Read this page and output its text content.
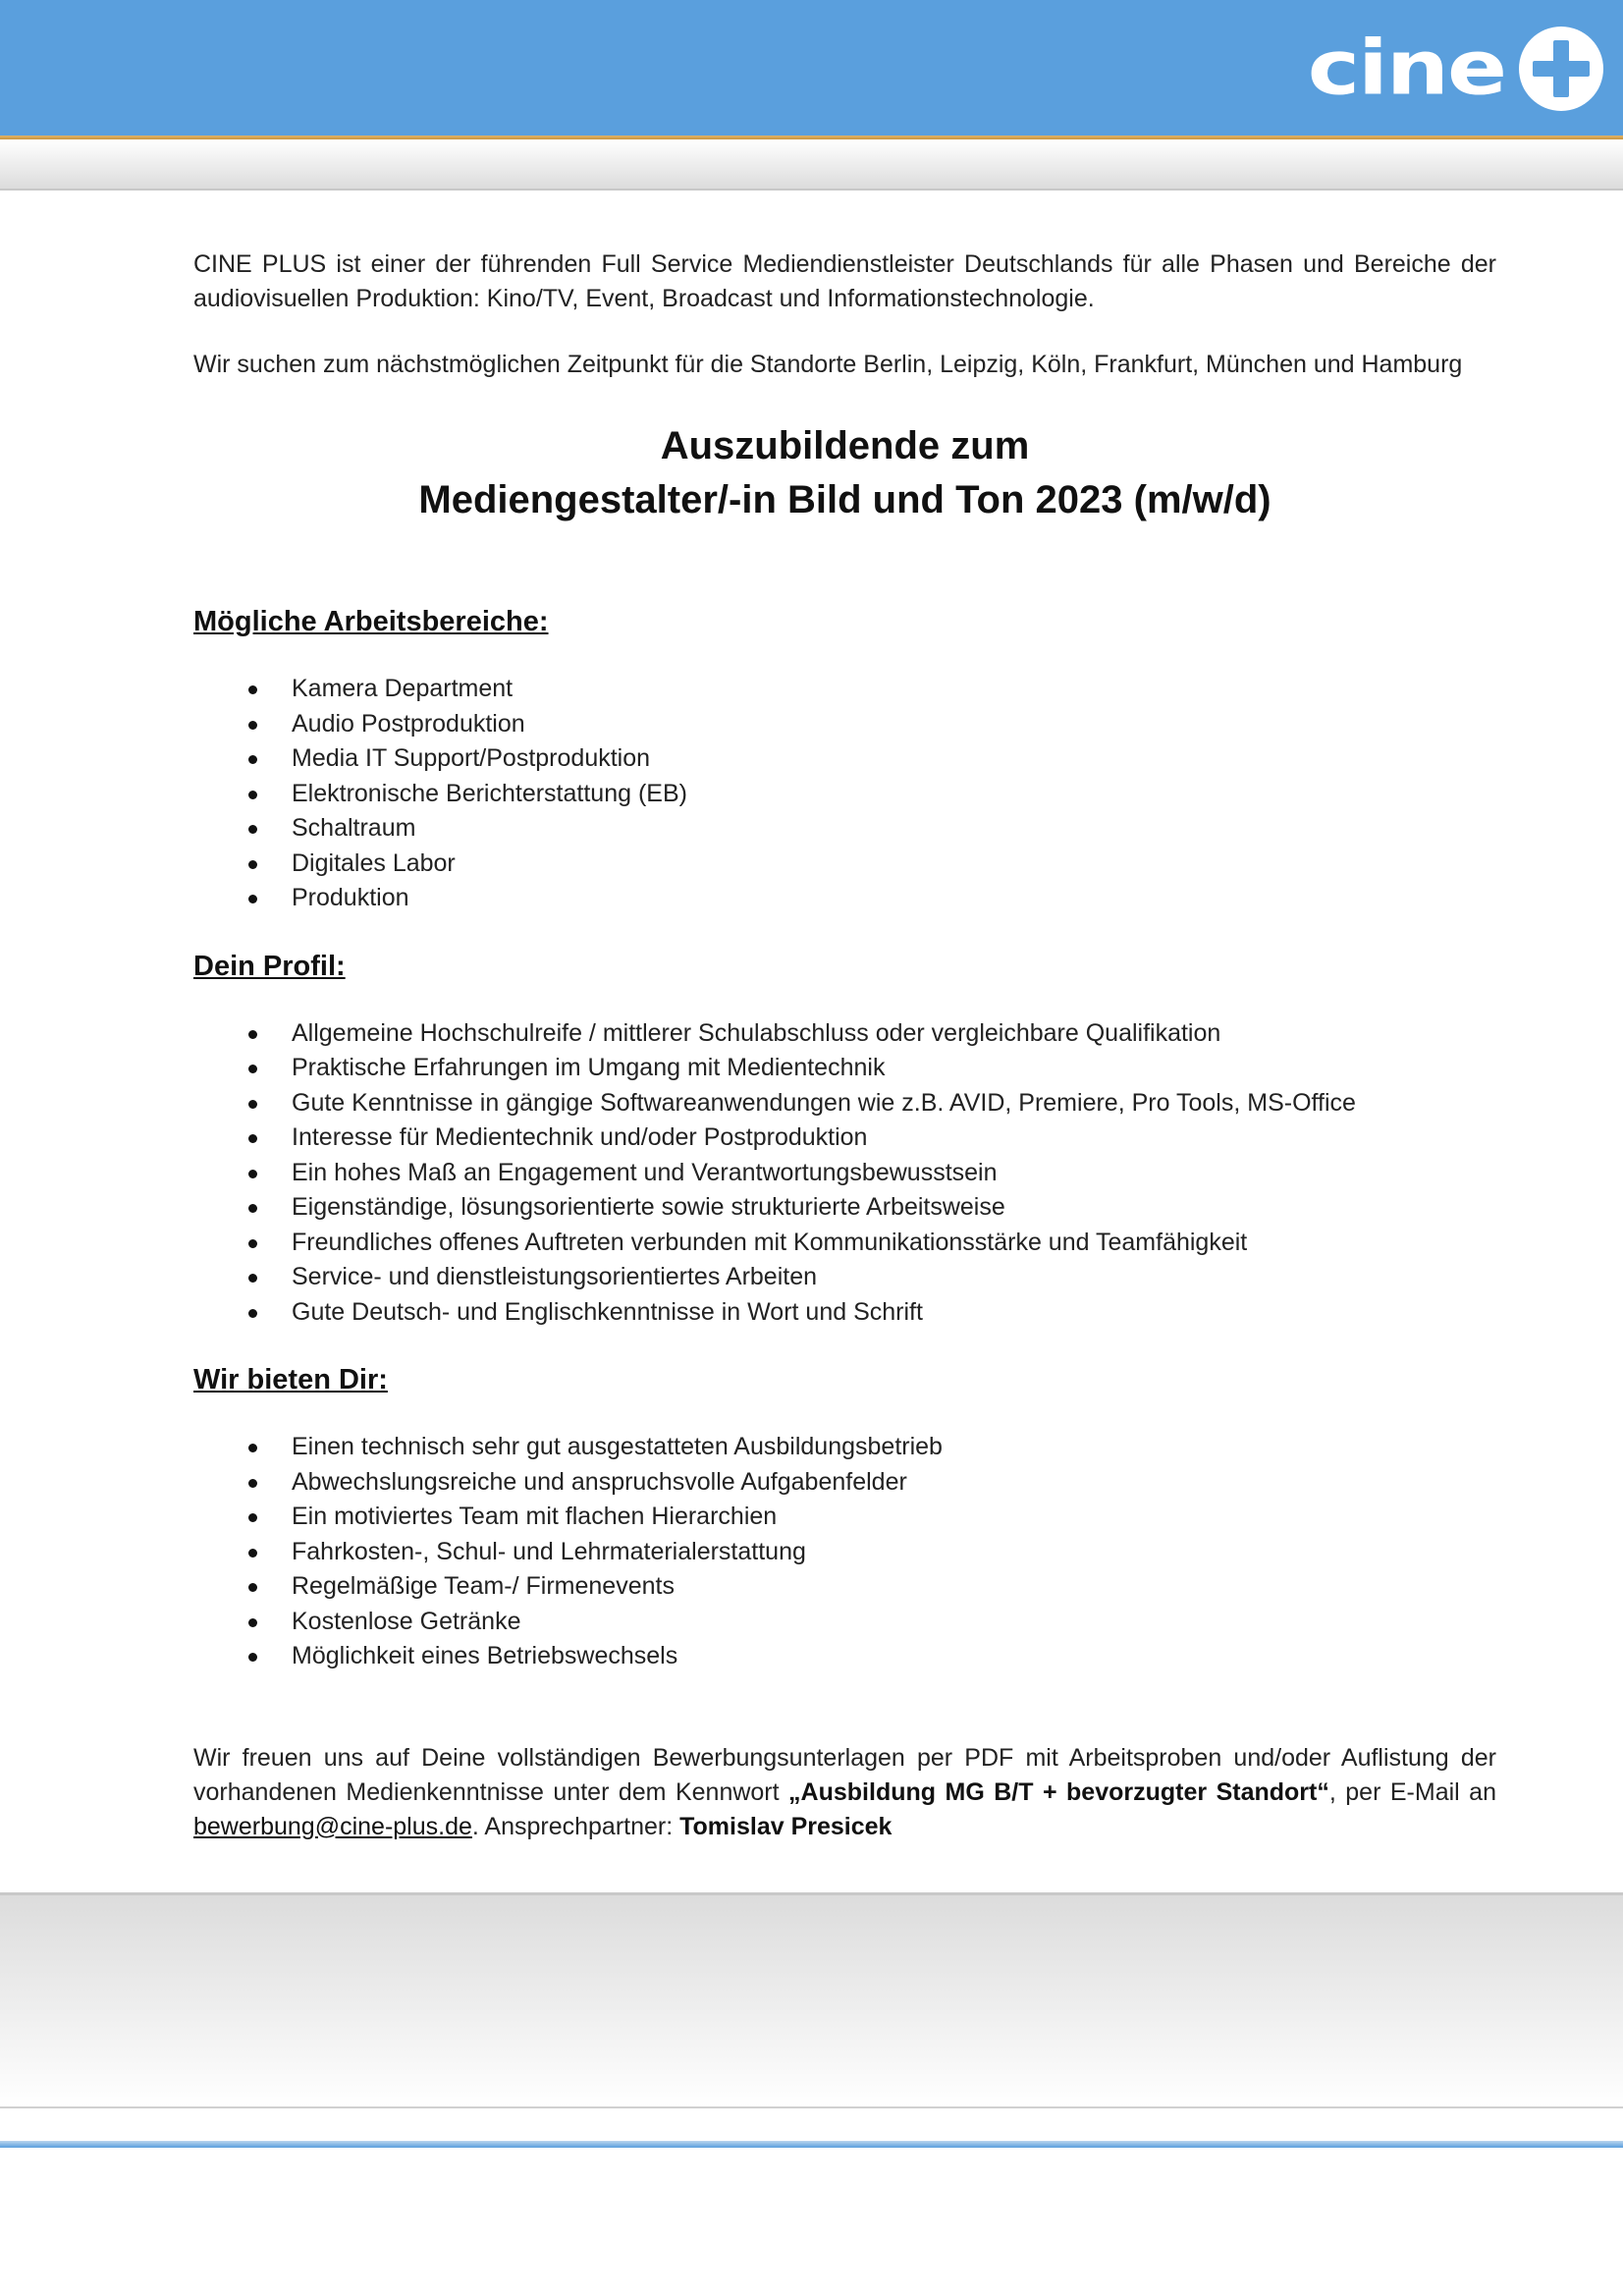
cine

CINE PLUS ist einer der führenden Full Service Mediendienstleister Deutschlands für alle Phasen und Bereiche der audiovisuellen Produktion: Kino/TV, Event, Broadcast und Informationstechnologie.

Wir suchen zum nächstmöglichen Zeitpunkt für die Standorte Berlin, Leipzig, Köln, Frankfurt, München und Hamburg

Auszubildende zum
Mediengestalter/-in Bild und Ton 2023 (m/w/d)
Mögliche Arbeitsbereiche:
Kamera Department
Audio Postproduktion
Media IT Support/Postproduktion
Elektronische Berichterstattung (EB)
Schaltraum
Digitales Labor
Produktion
Dein Profil:
Allgemeine Hochschulreife / mittlerer Schulabschluss oder vergleichbare Qualifikation
Praktische Erfahrungen im Umgang mit Medientechnik
Gute Kenntnisse in gängige Softwareanwendungen wie z.B. AVID, Premiere, Pro Tools, MS-Office
Interesse für Medientechnik und/oder Postproduktion
Ein hohes Maß an Engagement und Verantwortungsbewusstsein
Eigenständige, lösungsorientierte sowie strukturierte Arbeitsweise
Freundliches offenes Auftreten verbunden mit Kommunikationsstärke und Teamfähigkeit
Service- und dienstleistungsorientiertes Arbeiten
Gute Deutsch- und Englischkenntnisse in Wort und Schrift
Wir bieten Dir:
Einen technisch sehr gut ausgestatteten Ausbildungsbetrieb
Abwechslungsreiche und anspruchsvolle Aufgabenfelder
Ein motiviertes Team mit flachen Hierarchien
Fahrkosten-, Schul- und Lehrmaterialerstattung
Regelmäßige Team-/ Firmenevents
Kostenlose Getränke
Möglichkeit eines Betriebswechsels

Wir freuen uns auf Deine vollständigen Bewerbungsunterlagen per PDF mit Arbeitsproben und/oder Auflistung der vorhandenen Medienkenntnisse unter dem Kennwort „Ausbildung MG B/T + bevorzugter Standort“, per E-Mail an bewerbung@cine-plus.de. Ansprechpartner: Tomislav Presicek
